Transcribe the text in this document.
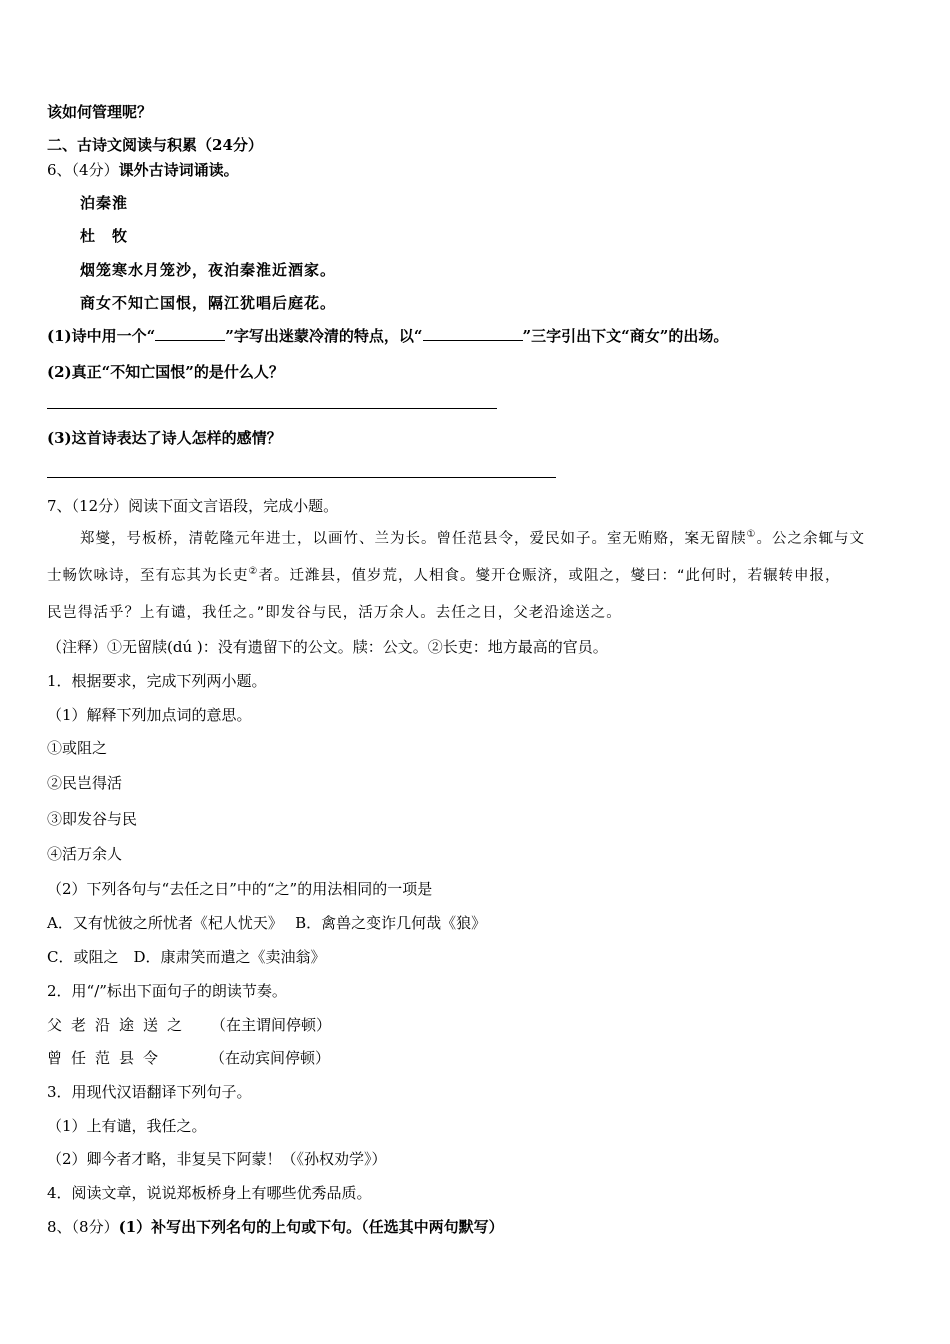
该如何管理呢？
二、古诗文阅读与积累（24分）
6、（4分）课外古诗词诵读。
泊秦淮
杜　牧
烟笼寒水月笼沙，夜泊秦淮近酒家。
商女不知亡国恨，隔江犹唱后庭花。
(1)诗中用一个“	”字写出迷蒙冷清的特点，以“	”三字引出下文“商女”的出场。
(2)真正“不知亡国恨”的是什么人？
(3)这首诗表达了诗人怎样的感情？
7、（12分）阅读下面文言语段，完成小题。
郑燮，号板桥，清乾隆元年进士，以画竹、兰为长。曾任范县令，爱民如子。室无贿赂，案无留牍①。公之余辄与文
士畅饮咏诗，至有忘其为长吏②者。迁潍县，值岁荒，人相食。燮开仓赈济，或阻之，燮曰：“此何时，若辗转申报，
民岂得活乎？上有谴，我任之。”即发谷与民，活万余人。去任之日，父老沿途送之。
（注释）①无留牍(dú )：没有遗留下的公文。牍：公文。②长吏：地方最高的官员。
1．根据要求，完成下列两小题。
（1）解释下列加点词的意思。
①或阻之
②民岂得活
③即发谷与民
④活万余人
（2）下列各句与“去任之日”中的“之”的用法相同的一项是
A．又有忧彼之所忧者《杞人忧天》　 B．禽兽之变诈几何哉《狼》
C．或阻之　D．康肃笑而遣之《卖油翁》
2．用“/”标出下面句子的朗读节奏。
父老沿途送之 （在主谓间停顿）
曾任范县令	（在动宾间停顿）
3．用现代汉语翻译下列句子。
（1）上有谴，我任之。
（2）卿今者才略，非复吴下阿蒙！（《孙权劝学》）
4．阅读文章，说说郑板桥身上有哪些优秀品质。
8、（8分）(1）补写出下列名句的上句或下句。（任选其中两句默写）
